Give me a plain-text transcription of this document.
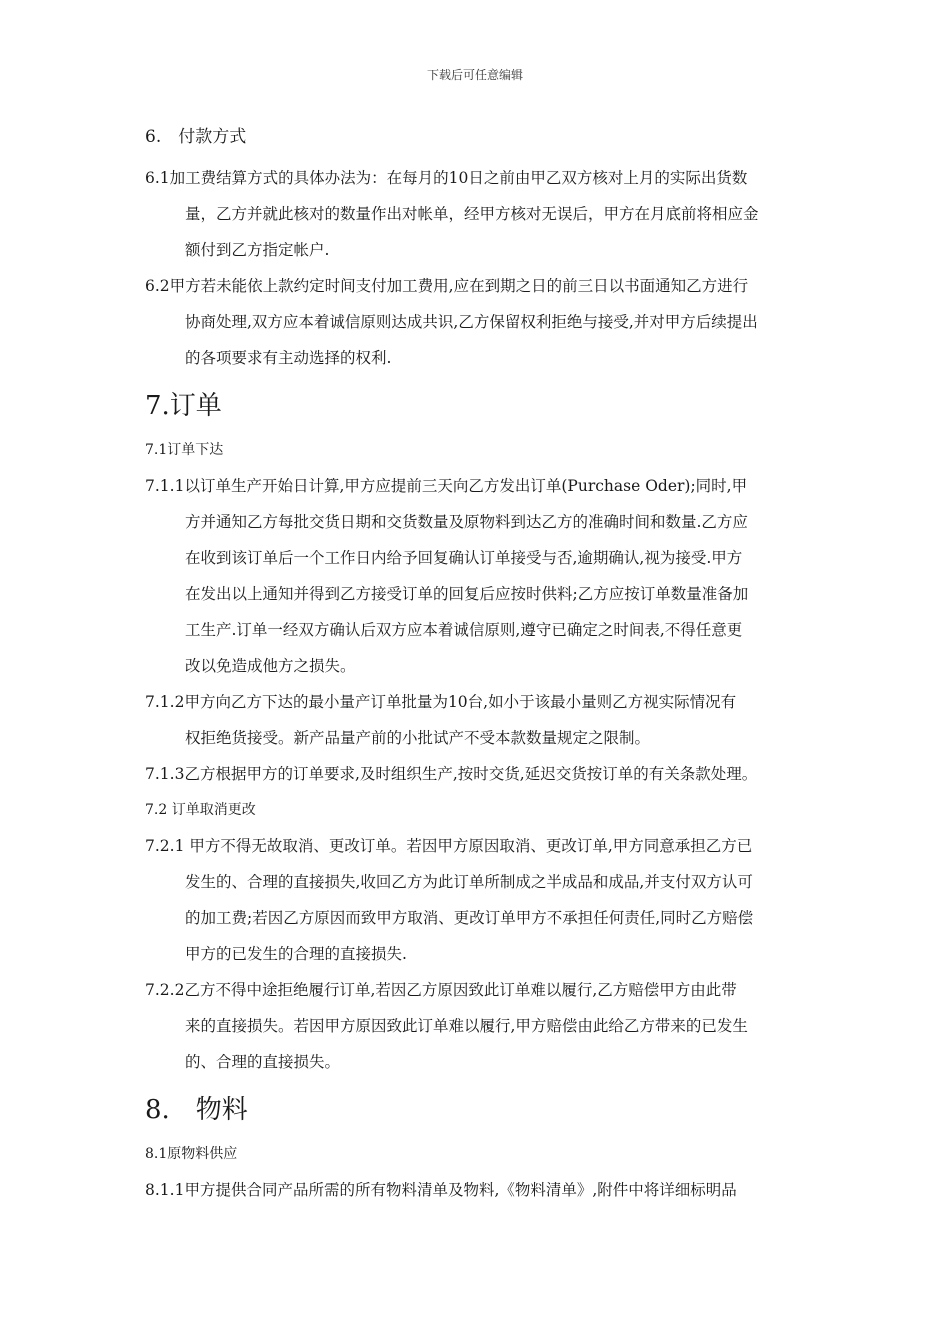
下载后可任意编辑
6.　付款方式
6.1加工费结算方式的具体办法为：在每月的10日之前由甲乙双方核对上月的实际出货数
量，乙方并就此核对的数量作出对帐单，经甲方核对无误后，甲方在月底前将相应金
额付到乙方指定帐户.
6.2甲方若未能依上款约定时间支付加工费用,应在到期之日的前三日以书面通知乙方进行
协商处理,双方应本着诚信原则达成共识,乙方保留权利拒绝与接受,并对甲方后续提出
的各项要求有主动选择的权利.
7.订单
7.1订单下达
7.1.1以订单生产开始日计算,甲方应提前三天向乙方发出订单(Purchase Oder);同时,甲
方并通知乙方每批交货日期和交货数量及原物料到达乙方的准确时间和数量.乙方应
在收到该订单后一个工作日内给予回复确认订单接受与否,逾期确认,视为接受.甲方
在发出以上通知并得到乙方接受订单的回复后应按时供料;乙方应按订单数量准备加
工生产.订单一经双方确认后双方应本着诚信原则,遵守已确定之时间表,不得任意更
改以免造成他方之损失。
7.1.2甲方向乙方下达的最小量产订单批量为10台,如小于该最小量则乙方视实际情况有
权拒绝货接受。新产品量产前的小批试产不受本款数量规定之限制。
7.1.3乙方根据甲方的订单要求,及时组织生产,按时交货,延迟交货按订单的有关条款处理。
7.2 订单取消更改
7.2.1 甲方不得无故取消、更改订单。若因甲方原因取消、更改订单,甲方同意承担乙方已
发生的、合理的直接损失,收回乙方为此订单所制成之半成品和成品,并支付双方认可
的加工费;若因乙方原因而致甲方取消、更改订单甲方不承担任何责任,同时乙方赔偿
甲方的已发生的合理的直接损失.
7.2.2乙方不得中途拒绝履行订单,若因乙方原因致此订单难以履行,乙方赔偿甲方由此带
来的直接损失。若因甲方原因致此订单难以履行,甲方赔偿由此给乙方带来的已发生
的、合理的直接损失。
8.　物料
8.1原物料供应
8.1.1甲方提供合同产品所需的所有物料清单及物料,《物料清单》,附件中将详细标明品
